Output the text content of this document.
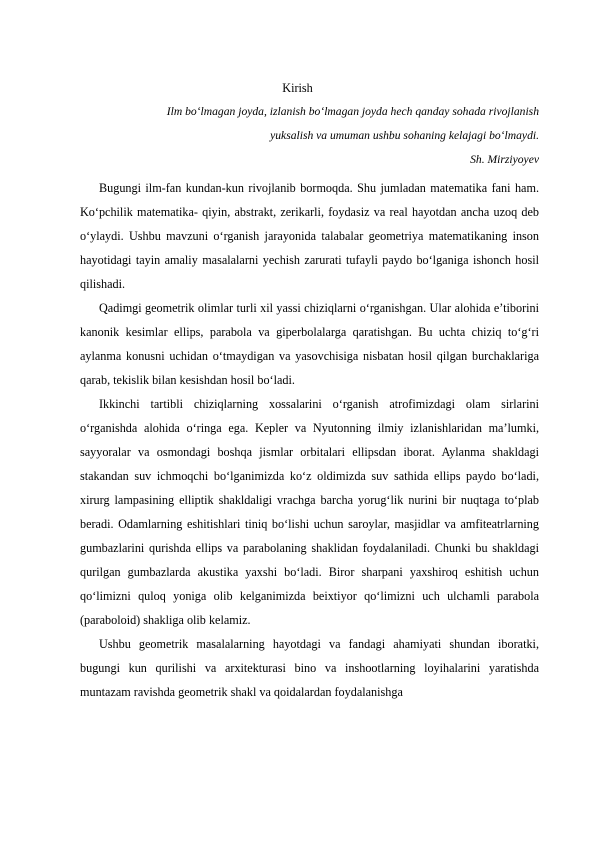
Kirish
Ilm bo‘lmagan joyda, izlanish bo‘lmagan joyda hech qanday sohada rivojlanish
yuksalish va umuman ushbu sohaning kelajagi bo‘lmaydi.
Sh. Mirziyoyev

Bugungi ilm-fan kundan-kun rivojlanib bormoqda. Shu jumladan matematika fani ham. Ko‘pchilik matematika- qiyin, abstrakt, zerikarli, foydasiz va real hayotdan ancha uzoq deb o‘ylaydi. Ushbu mavzuni o‘rganish jarayonida talabalar geometriya matematikaning inson hayotidagi tayin amaliy masalalarni yechish zarurati tufayli paydo bo‘lganiga ishonch hosil qilishadi.

Qadimgi geometrik olimlar turli xil yassi chiziqlarni o‘rganishgan. Ular alohida e’tiborini kanonik kesimlar ellips, parabola va giperbolalarga qaratishgan. Bu uchta chiziq to‘g‘ri aylanma konusni uchidan o‘tmaydigan va yasovchisiga nisbatan hosil qilgan burchaklariga qarab, tekislik bilan kesishdan hosil bo‘ladi.

Ikkinchi tartibli chiziqlarning xossalarini o‘rganish atrofimizdagi olam sirlarini o‘rganishda alohida o‘ringa ega. Kepler va Nyutonning ilmiy izlanishlaridan ma’lumki, sayyoralar va osmondagi boshqa jismlar orbitalari ellipsdan iborat. Aylanma shakldagi stakandan suv ichmoqchi bo‘lganimizda ko‘z oldimizda suv sathida ellips paydo bo‘ladi, xirurg lampasining elliptik shakldaligi vrachga barcha yorug‘lik nurini bir nuqtaga to‘plab beradi. Odamlarning eshitishlari tiniq bo‘lishi uchun saroylar, masjidlar va amfiteatrlarning gumbazlarini qurishda ellips va parabolaning shaklidan foydalaniladi. Chunki bu shakldagi qurilgan gumbazlarda akustika yaxshi bo‘ladi. Biror sharpani yaxshiroq eshitish uchun qo‘limizni quloq yoniga olib kelganimizda beixtiyor qo‘limizni uch ulchamli parabola (paraboloid) shakliga olib kelamiz.

Ushbu geometrik masalalarning hayotdagi va fandagi ahamiyati shundan iboratki, bugungi kun qurilishi va arxitekturasi bino va inshootlarning loyihalarini yaratishda muntazam ravishda geometrik shakl va qoidalardan foydalanishga
